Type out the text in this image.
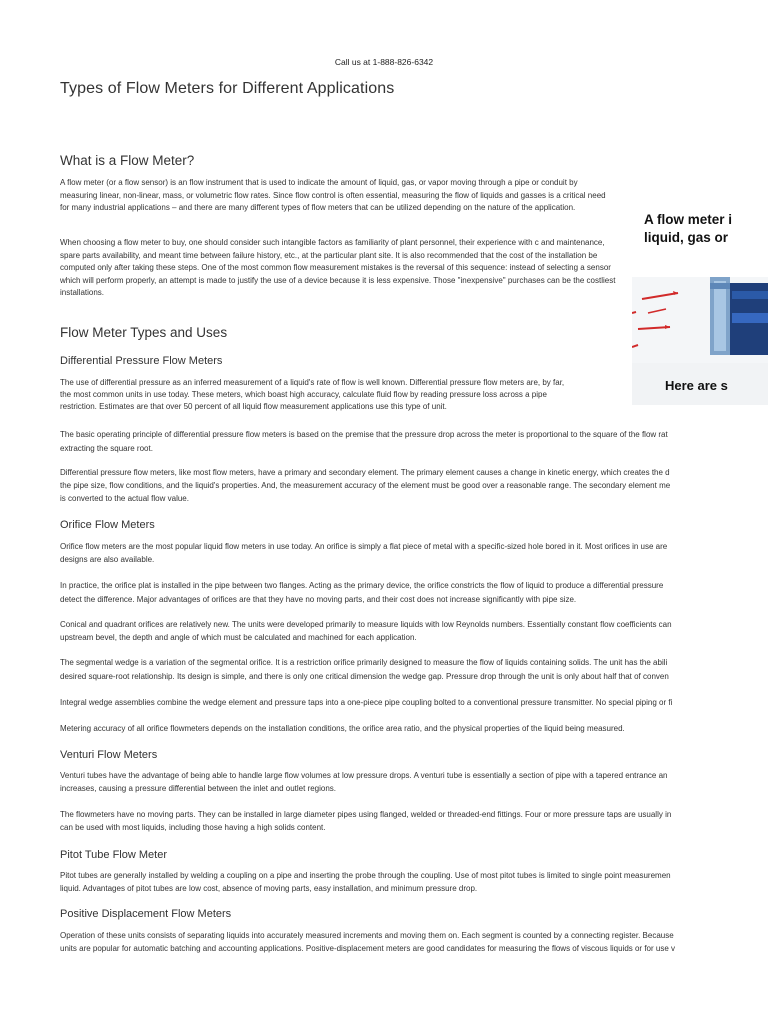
Call us at 1-888-826-6342
Types of Flow Meters for Different Applications
What is a Flow Meter?

A flow meter (or a flow sensor) is an flow instrument that is used to indicate the amount of liquid, gas, or vapor moving through a pipe or conduit by measuring linear, non-linear, mass, or volumetric flow rates. Since flow control is often essential, measuring the flow of liquids and gasses is a critical need for many industrial applications – and there are many different types of flow meters that can be utilized depending on the nature of the application.

When choosing a flow meter to buy, one should consider such intangible factors as familiarity of plant personnel, their experience with c and maintenance, spare parts availability, and meant time between failure history, etc., at the particular plant site. It is also recommended that the cost of the installation be computed only after taking these steps. One of the most common flow measurement mistakes is the reversal of this sequence: instead of selecting a sensor which will perform properly, an attempt is made to justify the use of a device because it is less expensive. Those "inexpensive" purchases can be the costliest installations.

A flow meter i
liquid, gas or
Here are s
Flow Meter Types and Uses
Differential Pressure Flow Meters

The use of differential pressure as an inferred measurement of a liquid's rate of flow is well known. Differential pressure flow meters are, by far,

the most common units in use today. These meters, which boast high accuracy, calculate fluid flow by reading pressure loss across a pipe

restriction. Estimates are that over 50 percent of all liquid flow measurement applications use this type of unit.

The basic operating principle of differential pressure flow meters is based on the premise that the pressure drop across the meter is proportional to the square of the flow rat

extracting the square root.

Differential pressure flow meters, like most flow meters, have a primary and secondary element. The primary element causes a change in kinetic energy, which creates the d

the pipe size, flow conditions, and the liquid's properties. And, the measurement accuracy of the element must be good over a reasonable range. The secondary element me

is converted to the actual flow value.

Orifice Flow Meters

Orifice flow meters are the most popular liquid flow meters in use today. An orifice is simply a flat piece of metal with a specific-sized hole bored in it. Most orifices in use are

designs are also available.

In practice, the orifice plat is installed in the pipe between two flanges. Acting as the primary device, the orifice constricts the flow of liquid to produce a differential pressure

detect the difference. Major advantages of orifices are that they have no moving parts, and their cost does not increase significantly with pipe size.

Conical and quadrant orifices are relatively new. The units were developed primarily to measure liquids with low Reynolds numbers. Essentially constant flow coefficients can

upstream bevel, the depth and angle of which must be calculated and machined for each application.

The segmental wedge is a variation of the segmental orifice. It is a restriction orifice primarily designed to measure the flow of liquids containing solids. The unit has the abili

desired square-root relationship. Its design is simple, and there is only one critical dimension the wedge gap. Pressure drop through the unit is only about half that of conven

Integral wedge assemblies combine the wedge element and pressure taps into a one-piece pipe coupling bolted to a conventional pressure transmitter. No special piping or fi

Metering accuracy of all orifice flowmeters depends on the installation conditions, the orifice area ratio, and the physical properties of the liquid being measured.

Venturi Flow Meters

Venturi tubes have the advantage of being able to handle large flow volumes at low pressure drops. A venturi tube is essentially a section of pipe with a tapered entrance an

increases, causing a pressure differential between the inlet and outlet regions.

The flowmeters have no moving parts. They can be installed in large diameter pipes using flanged, welded or threaded-end fittings. Four or more pressure taps are usually in

can be used with most liquids, including those having a high solids content.

Pitot Tube Flow Meter

Pitot tubes are generally installed by welding a coupling on a pipe and inserting the probe through the coupling. Use of most pitot tubes is limited to single point measuremen

liquid. Advantages of pitot tubes are low cost, absence of moving parts, easy installation, and minimum pressure drop.

Positive Displacement Flow Meters

Operation of these units consists of separating liquids into accurately measured increments and moving them on. Each segment is counted by a connecting register. Because

units are popular for automatic batching and accounting applications. Positive-displacement meters are good candidates for measuring the flows of viscous liquids or for use v
